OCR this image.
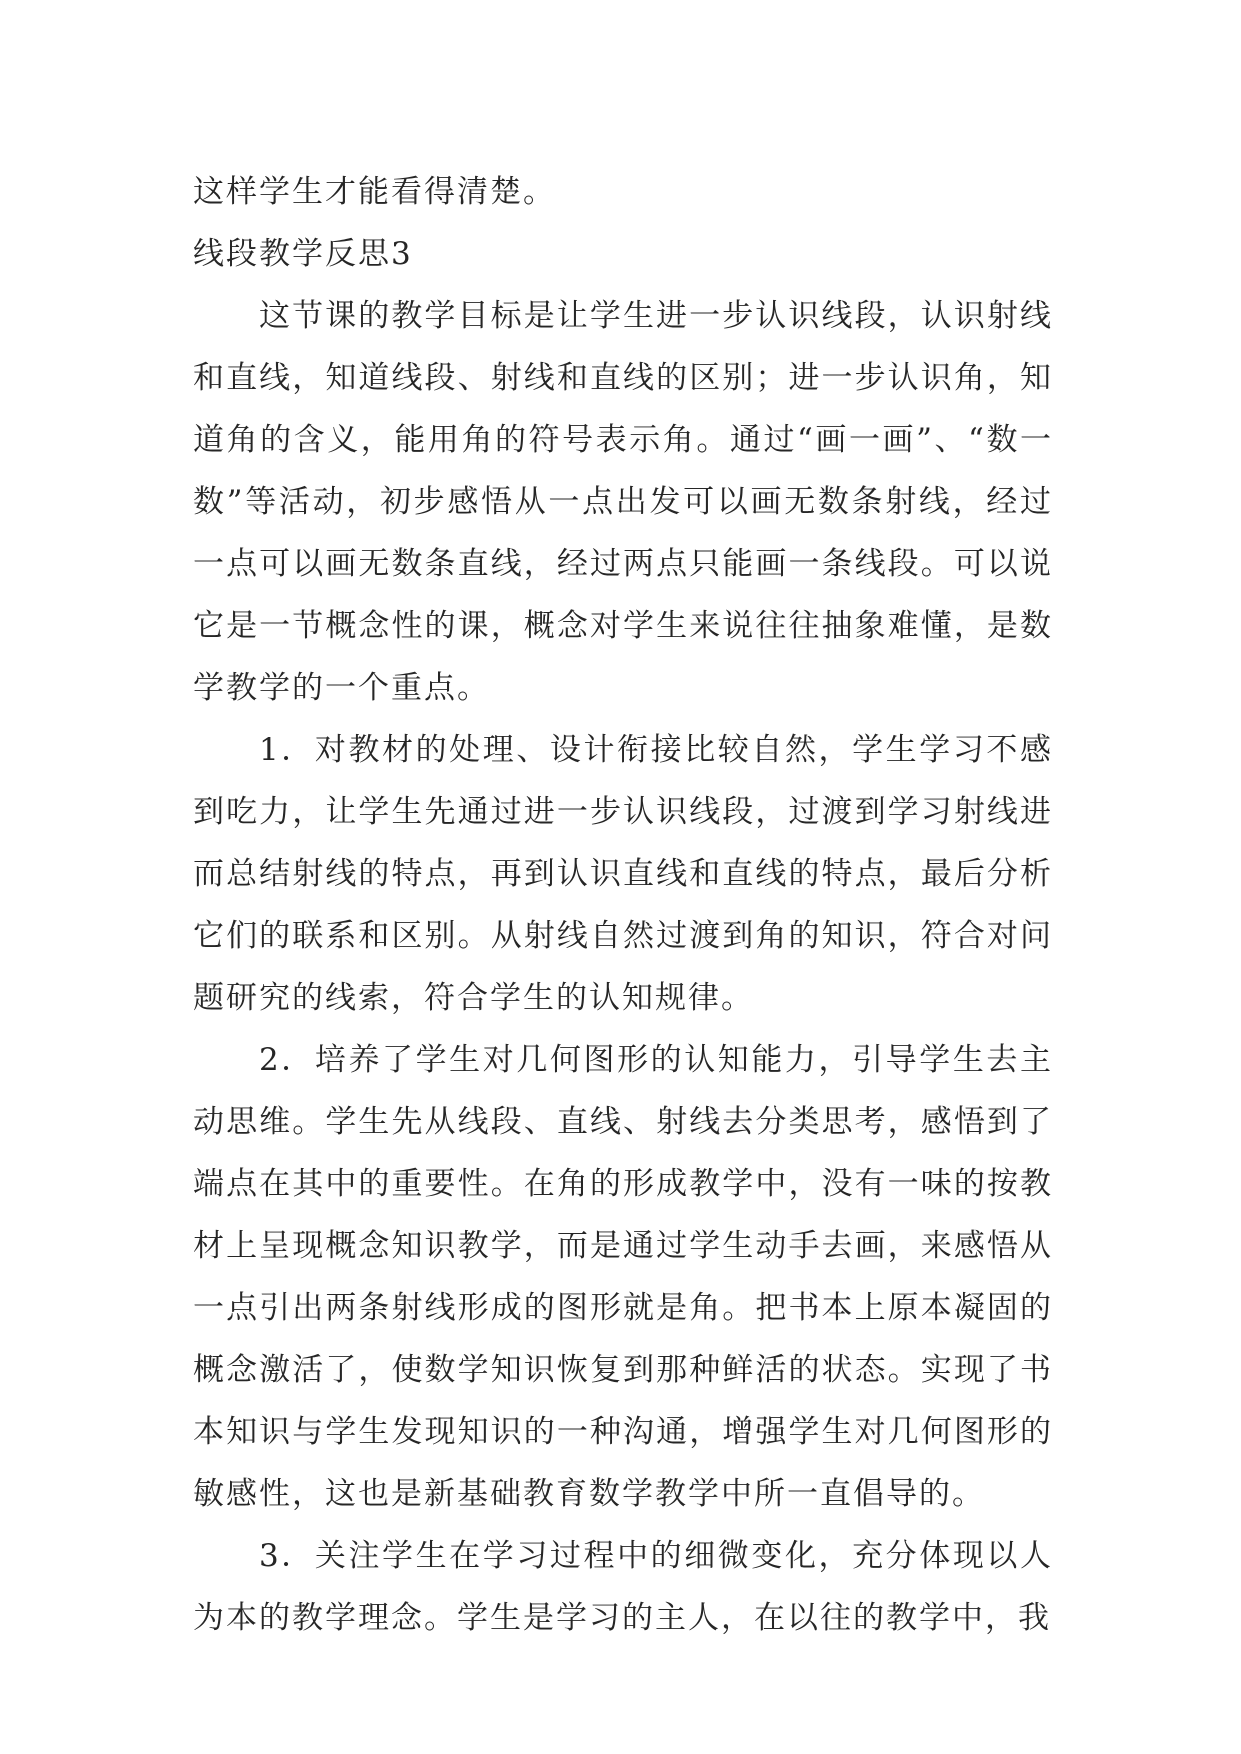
这样学生才能看得清楚。

线段教学反思3

这节课的教学目标是让学生进一步认识线段，认识射线和直线，知道线段、射线和直线的区别；进一步认识角，知道角的含义，能用角的符号表示角。通过“画一画”、“数一数”等活动，初步感悟从一点出发可以画无数条射线，经过一点可以画无数条直线，经过两点只能画一条线段。可以说它是一节概念性的课，概念对学生来说往往抽象难懂，是数学教学的一个重点。

1．对教材的处理、设计衔接比较自然，学生学习不感到吃力，让学生先通过进一步认识线段，过渡到学习射线进而总结射线的特点，再到认识直线和直线的特点，最后分析它们的联系和区别。从射线自然过渡到角的知识，符合对问题研究的线索，符合学生的认知规律。

2．培养了学生对几何图形的认知能力，引导学生去主动思维。学生先从线段、直线、射线去分类思考，感悟到了端点在其中的重要性。在角的形成教学中，没有一味的按教材上呈现概念知识教学，而是通过学生动手去画，来感悟从一点引出两条射线形成的图形就是角。把书本上原本凝固的概念激活了，使数学知识恢复到那种鲜活的状态。实现了书本知识与学生发现知识的一种沟通，增强学生对几何图形的敏感性，这也是新基础教育数学教学中所一直倡导的。

3．关注学生在学习过程中的细微变化，充分体现以人为本的教学理念。学生是学习的主人，在以往的教学中，我
